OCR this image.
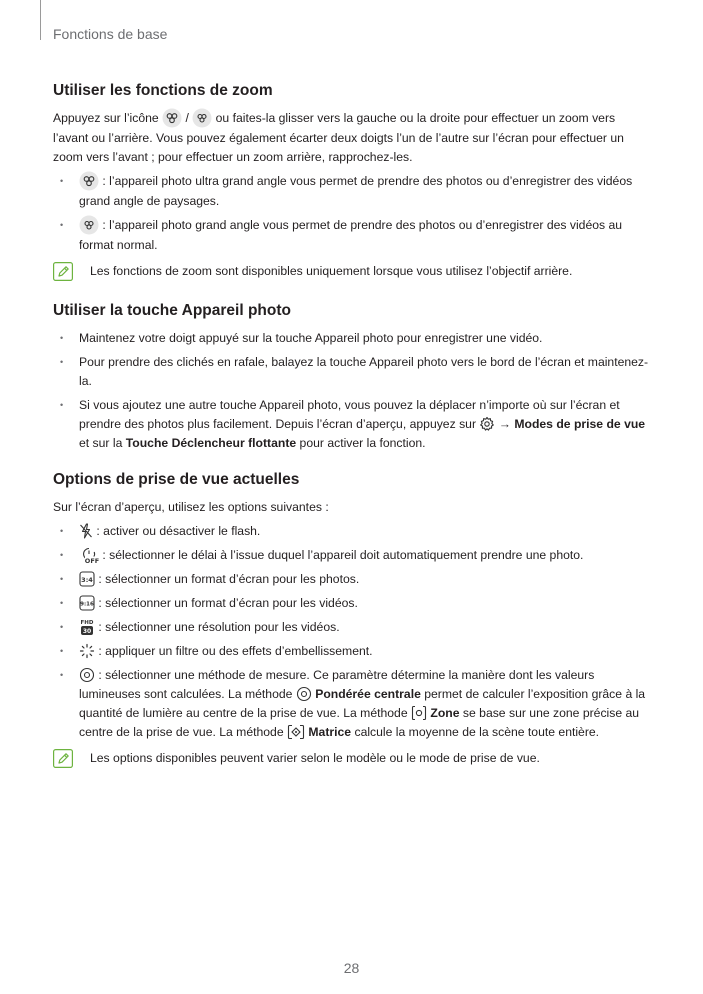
Fonctions de base
Utiliser les fonctions de zoom

Appuyez sur l’icône / ou faites-la glisser vers la gauche ou la droite pour effectuer un zoom vers l’avant ou l’arrière. Vous pouvez également écarter deux doigts l’un de l’autre sur l’écran pour effectuer un zoom vers l’avant ; pour effectuer un zoom arrière, rapprochez-les.

• : l’appareil photo ultra grand angle vous permet de prendre des photos ou d’enregistrer des vidéos grand angle de paysages.
• : l’appareil photo grand angle vous permet de prendre des photos ou d’enregistrer des vidéos au format normal.
Les fonctions de zoom sont disponibles uniquement lorsque vous utilisez l’objectif arrière.
Utiliser la touche Appareil photo
• Maintenez votre doigt appuyé sur la touche Appareil photo pour enregistrer une vidéo.
• Pour prendre des clichés en rafale, balayez la touche Appareil photo vers le bord de l’écran et maintenez-la.
• Si vous ajoutez une autre touche Appareil photo, vous pouvez la déplacer n’importe où sur l’écran et prendre des photos plus facilement. Depuis l’écran d’aperçu, appuyez sur
→ Modes de prise de vue et sur la Touche Déclencheur flottante pour activer la fonction.
Options de prise de vue actuelles

Sur l’écran d’aperçu, utilisez les options suivantes :

• : activer ou désactiver le flash.
• OFF : sélectionner le délai à l’issue duquel l’appareil doit automatiquement prendre une photo.
• 3:4 : sélectionner un format d’écran pour les photos.
• 9:16 : sélectionner un format d’écran pour les vidéos.
• FHD
30 : sélectionner une résolution pour les vidéos.
• : appliquer un filtre ou des effets d’embellissement.
• : sélectionner une méthode de mesure. Ce paramètre détermine la manière dont les valeurs lumineuses sont calculées. La méthode Pondérée centrale permet de calculer l’exposition grâce à la quantité de lumière au centre de la prise de vue. La méthode Zone se base sur une zone précise au centre de la prise de vue. La méthode Matrice calcule la moyenne de la scène toute entière.
Les options disponibles peuvent varier selon le modèle ou le mode de prise de vue.
28
